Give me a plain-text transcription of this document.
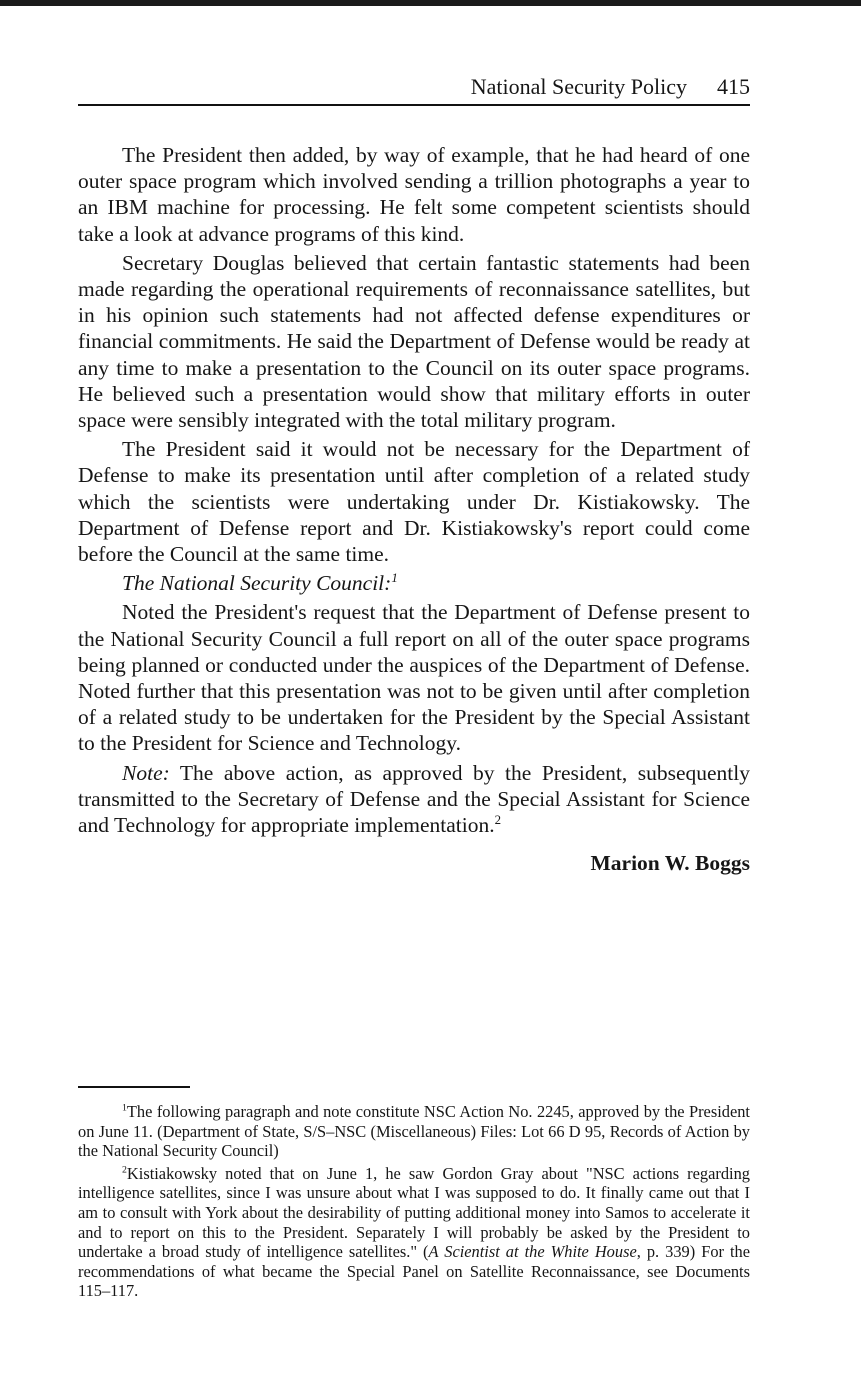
National Security Policy 415

The President then added, by way of example, that he had heard of one outer space program which involved sending a trillion photographs a year to an IBM machine for processing. He felt some competent scientists should take a look at advance programs of this kind.

Secretary Douglas believed that certain fantastic statements had been made regarding the operational requirements of reconnaissance satellites, but in his opinion such statements had not affected defense expenditures or financial commitments. He said the Department of Defense would be ready at any time to make a presentation to the Council on its outer space programs. He believed such a presentation would show that military efforts in outer space were sensibly integrated with the total military program.

The President said it would not be necessary for the Department of Defense to make its presentation until after completion of a related study which the scientists were undertaking under Dr. Kistiakowsky. The Department of Defense report and Dr. Kistiakowsky's report could come before the Council at the same time.

The National Security Council:$^1$

Noted the President's request that the Department of Defense present to the National Security Council a full report on all of the outer space programs being planned or conducted under the auspices of the Department of Defense. Noted further that this presentation was not to be given until after completion of a related study to be undertaken for the President by the Special Assistant to the President for Science and Technology.

Note: The above action, as approved by the President, subsequently transmitted to the Secretary of Defense and the Special Assistant for Science and Technology for appropriate implementation.$^2$

Marion W. Boggs

$^1$The following paragraph and note constitute NSC Action No. 2245, approved by the President on June 11. (Department of State, S/S–NSC (Miscellaneous) Files: Lot 66 D 95, Records of Action by the National Security Council)

$^2$Kistiakowsky noted that on June 1, he saw Gordon Gray about "NSC actions regarding intelligence satellites, since I was unsure about what I was supposed to do. It finally came out that I am to consult with York about the desirability of putting additional money into Samos to accelerate it and to report on this to the President. Separately I will probably be asked by the President to undertake a broad study of intelligence satellites." (A Scientist at the White House, p. 339) For the recommendations of what became the Special Panel on Satellite Reconnaissance, see Documents 115–117.
